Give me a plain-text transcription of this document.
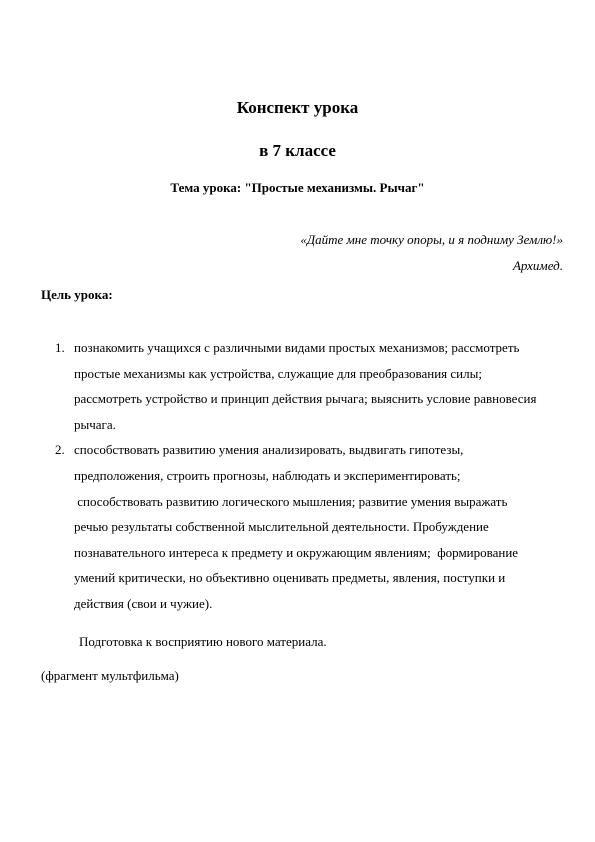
Конспект урока
в 7 классе
Тема урока: "Простые механизмы. Рычаг"
«Дайте мне точку опоры, и я подниму Землю!»
Архимед.
Цель урока:
1. познакомить учащихся с различными видами простых механизмов; рассмотреть
простые механизмы как устройства, служащие для преобразования силы;
рассмотреть устройство и принцип действия рычага; выяснить условие равновесия
рычага.
2. способствовать развитию умения анализировать, выдвигать гипотезы,
предположения, строить прогнозы, наблюдать и экспериментировать;
способствовать развитию логического мышления; развитие умения выражать
речью результаты собственной мыслительной деятельности. Пробуждение
познавательного интереса к предмету и окружающим явлениям;  формирование
умений критически, но объективно оценивать предметы, явления, поступки и
действия (свои и чужие).
Подготовка к восприятию нового материала.
(фрагмент мультфильма)
